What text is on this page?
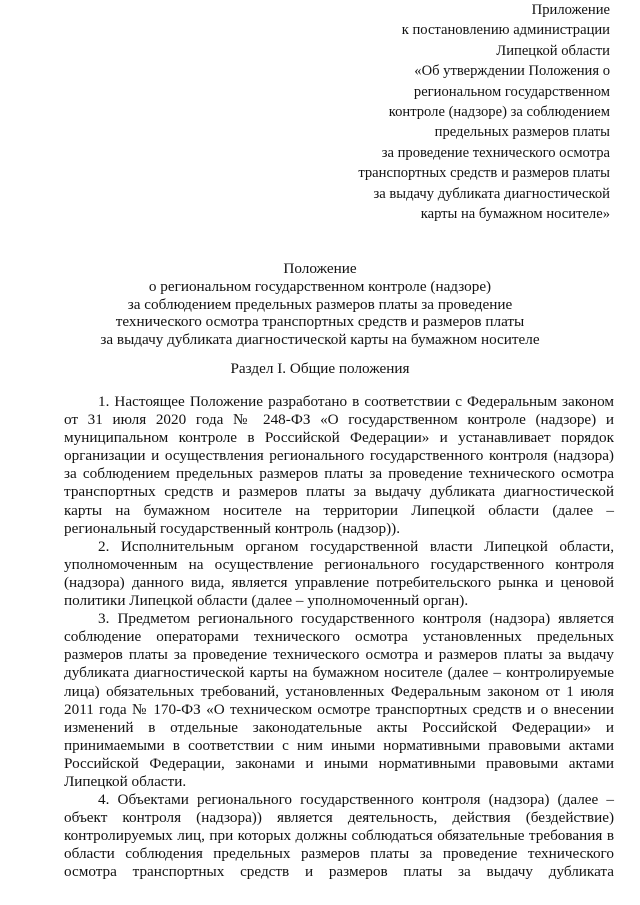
Приложение
к постановлению администрации
Липецкой области
«Об утверждении Положения о
региональном государственном
контроле (надзоре) за соблюдением
предельных размеров платы
за проведение технического осмотра
транспортных средств и размеров платы
за выдачу дубликата диагностической
карты на бумажном носителе»
Положение
о региональном государственном контроле (надзоре)
за соблюдением предельных размеров платы за проведение
технического осмотра транспортных средств и размеров платы
за выдачу дубликата диагностической карты на бумажном носителе
Раздел I. Общие положения

1. Настоящее Положение разработано в соответствии с Федеральным законом от 31 июля 2020 года № 248-ФЗ «О государственном контроле (надзоре) и муниципальном контроле в Российской Федерации» и устанавливает порядок организации и осуществления регионального государственного контроля (надзора) за соблюдением предельных размеров платы за проведение технического осмотра транспортных средств и размеров платы за выдачу дубликата диагностической карты на бумажном носителе на территории Липецкой области (далее – региональный государственный контроль (надзор)).

2. Исполнительным органом государственной власти Липецкой области, уполномоченным на осуществление регионального государственного контроля (надзора) данного вида, является управление потребительского рынка и ценовой политики Липецкой области (далее – уполномоченный орган).

3. Предметом регионального государственного контроля (надзора) является соблюдение операторами технического осмотра установленных предельных размеров платы за проведение технического осмотра и размеров платы за выдачу дубликата диагностической карты на бумажном носителе (далее – контролируемые лица) обязательных требований, установленных Федеральным законом от 1 июля 2011 года № 170-ФЗ «О техническом осмотре транспортных средств и о внесении изменений в отдельные законодательные акты Российской Федерации» и принимаемыми в соответствии с ним иными нормативными правовыми актами Российской Федерации, законами и иными нормативными правовыми актами Липецкой области.

4. Объектами регионального государственного контроля (надзора) (далее – объект контроля (надзора)) является деятельность, действия (бездействие) контролируемых лиц, при которых должны соблюдаться обязательные требования в области соблюдения предельных размеров платы за проведение технического осмотра транспортных средств и размеров платы за выдачу дубликата
